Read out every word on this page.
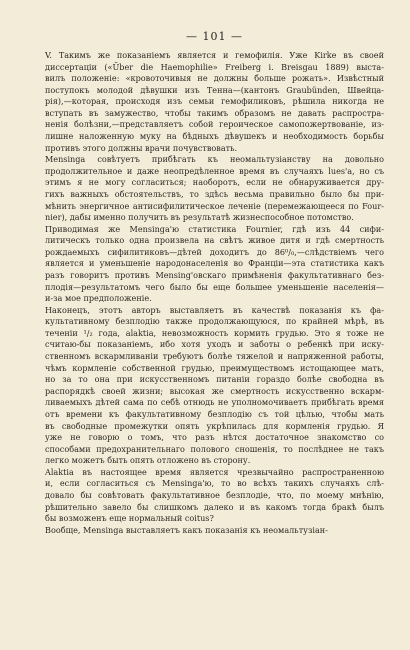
— 101 —

V. Такимъ же показаніемъ является и гемофилія. Уже Kirke въ своей
диссертаціи («Über die Haemophilie» Freiberg i. Breisgau 1889) выста-
вилъ положеніе: «кровоточивыя не должны больше рожать». Извѣстный
поступокъ молодой дѣвушки изъ Тенна—(кантонъ Graubünden, Швейца-
рія),—которая, происходя изъ семьи гемофиликовъ, рѣшила никогда не
вступать въ замужество, чтобы такимъ образомъ не давать распростра-
ненія болѣзни,—представляетъ собой героическое самопожертвованіе, из-
лишне наложенную муку на бѣдныхъ дѣвушекъ и необходимость борьбы
противъ этого должны врачи почувствовать.

Mensinga совѣтуетъ прибѣгать къ неомальтузіанству на довольно
продолжительное и даже неопредѣленное время въ случаяхъ lues'а, но съ
этимъ я не могу согласиться; наоборотъ, если не обнаруживается дру-
гихъ важныхъ обстоятельствъ, то здѣсь весьма правильно было бы при-
мѣнить энергичное антисифилитическое леченіе (перемежающееся по Four-
nier), дабы именно получить въ результатѣ жизнеспособное потомство.

Приводимая же Mensinga'ю статистика Fournier, гдѣ изъ 44 сифи-
литическъ только одна произвела на свѣтъ живое дитя и гдѣ смертность
рождаемыхъ сифилитиковъ—дѣтей доходитъ до 86⁰/₀,—слѣдствіемъ чего
является и уменьшеніе народонаселенія во Франціи—эта статистика какъ
разъ говоритъ противъ Mensing'овскаго примѣненія факультативнаго без-
плодія—результатомъ чего было бы еще большее уменьшеніе населенія—
и-за мое предположеніе.

Наконецъ, этотъ авторъ выставляетъ въ качествѣ показанія къ фа-
культативному безплодію также продолжающуюся, по крайней мѣрѣ, въ
теченіи ¹/₂ года, alaktia, невозможность кормить грудью. Это я тоже не
считаю-бы показаніемъ, ибо хотя уходъ и заботы о ребенкѣ при иску-
ственномъ вскармливаніи требуютъ болѣе тяжелой и напряженной работы,
чѣмъ кормленіе собственной грудью, преимуществомъ истощающее мать,
но за то она при искусственномъ питаніи гораздо болѣе свободна въ
распорядкѣ своей жизни; высокая же смертность искусственно вскарм-
ливаемыхъ дѣтей сама по себѣ отнюдь не уполномочиваетъ прибѣгать время
отъ времени къ факультативному безплодію съ той цѣлью, чтобы мать
въ свободные промежутки опять укрѣпилась для кормленія грудью. Я
уже не говорю о томъ, что разъ нѣтся достаточное знакомство со
способами предохранительнаго полового сношенія, то послѣднее не такъ
легко можетъ быть опять отложено въ сторону.

Alaktia въ настоящее время является чрезвычайно распространенною
и, если согласиться съ Mensinga'ю, то во всѣхъ такихъ случаяхъ слѣ-
довало бы совѣтовать факультативное безплодіе, что, по моему мнѣнію,
рѣшительно завело бы слишкомъ далеко и въ какомъ тогда бракѣ былъ
бы возможенъ еще нормальный coitus?

Вообще, Mensinga выставляетъ какъ показанія къ неомальтузіан-
